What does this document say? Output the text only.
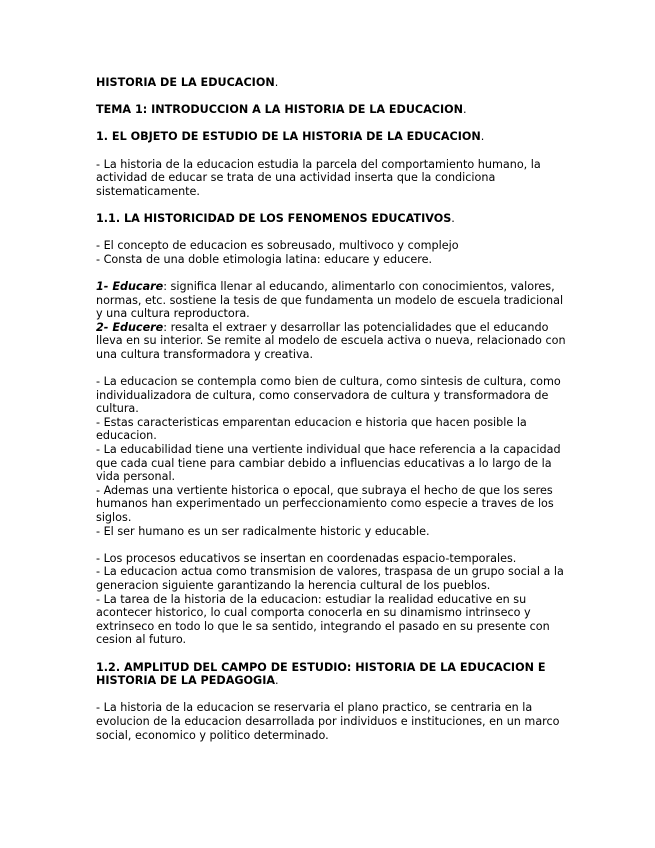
HISTORIA DE LA EDUCACION.

TEMA 1: INTRODUCCION A LA HISTORIA DE LA EDUCACION.

1. EL OBJETO DE ESTUDIO DE LA HISTORIA DE LA EDUCACION.

- La historia de la educacion estudia la parcela del comportamiento humano, la actividad de educar se trata de una actividad inserta que la condiciona sistematicamente.

1.1. LA HISTORICIDAD DE LOS FENOMENOS EDUCATIVOS.

- El concepto de educacion es sobreusado, multivoco y complejo

- Consta de una doble etimologia latina: educare y educere.

1- Educare: significa llenar al educando, alimentarlo con conocimientos, valores, normas, etc. sostiene la tesis de que fundamenta un modelo de escuela tradicional y una cultura reproductora.

2- Educere: resalta el extraer y desarrollar las potencialidades que el educando lleva en su interior. Se remite al modelo de escuela activa o nueva, relacionado con una cultura transformadora y creativa.

- La educacion se contempla como bien de cultura, como sintesis de cultura, como individualizadora de cultura, como conservadora de cultura y transformadora de cultura.

- Estas caracteristicas emparentan educacion e historia que hacen posible la educacion.

- La educabilidad tiene una vertiente individual que hace referencia a la capacidad que cada cual tiene para cambiar debido a influencias educativas a lo largo de la vida personal.

- Ademas una vertiente historica o epocal, que subraya el hecho de que los seres humanos han experimentado un perfeccionamiento como especie a traves de los siglos.

- El ser humano es un ser radicalmente historic y educable.

- Los procesos educativos se insertan en coordenadas espacio-temporales.

- La educacion actua como transmision de valores, traspasa de un grupo social a la generacion siguiente garantizando la herencia cultural de los pueblos.

- La tarea de la historia de la educacion: estudiar la realidad educative en su acontecer historico, lo cual comporta conocerla en su dinamismo intrinseco y extrinseco en todo lo que le sa sentido, integrando el pasado en su presente con cesion al futuro.

1.2. AMPLITUD DEL CAMPO DE ESTUDIO: HISTORIA DE LA EDUCACION E HISTORIA DE LA PEDAGOGIA.

- La historia de la educacion se reservaria el plano practico, se centraria en la evolucion de la educacion desarrollada por individuos e instituciones, en un marco social, economico y politico determinado.
